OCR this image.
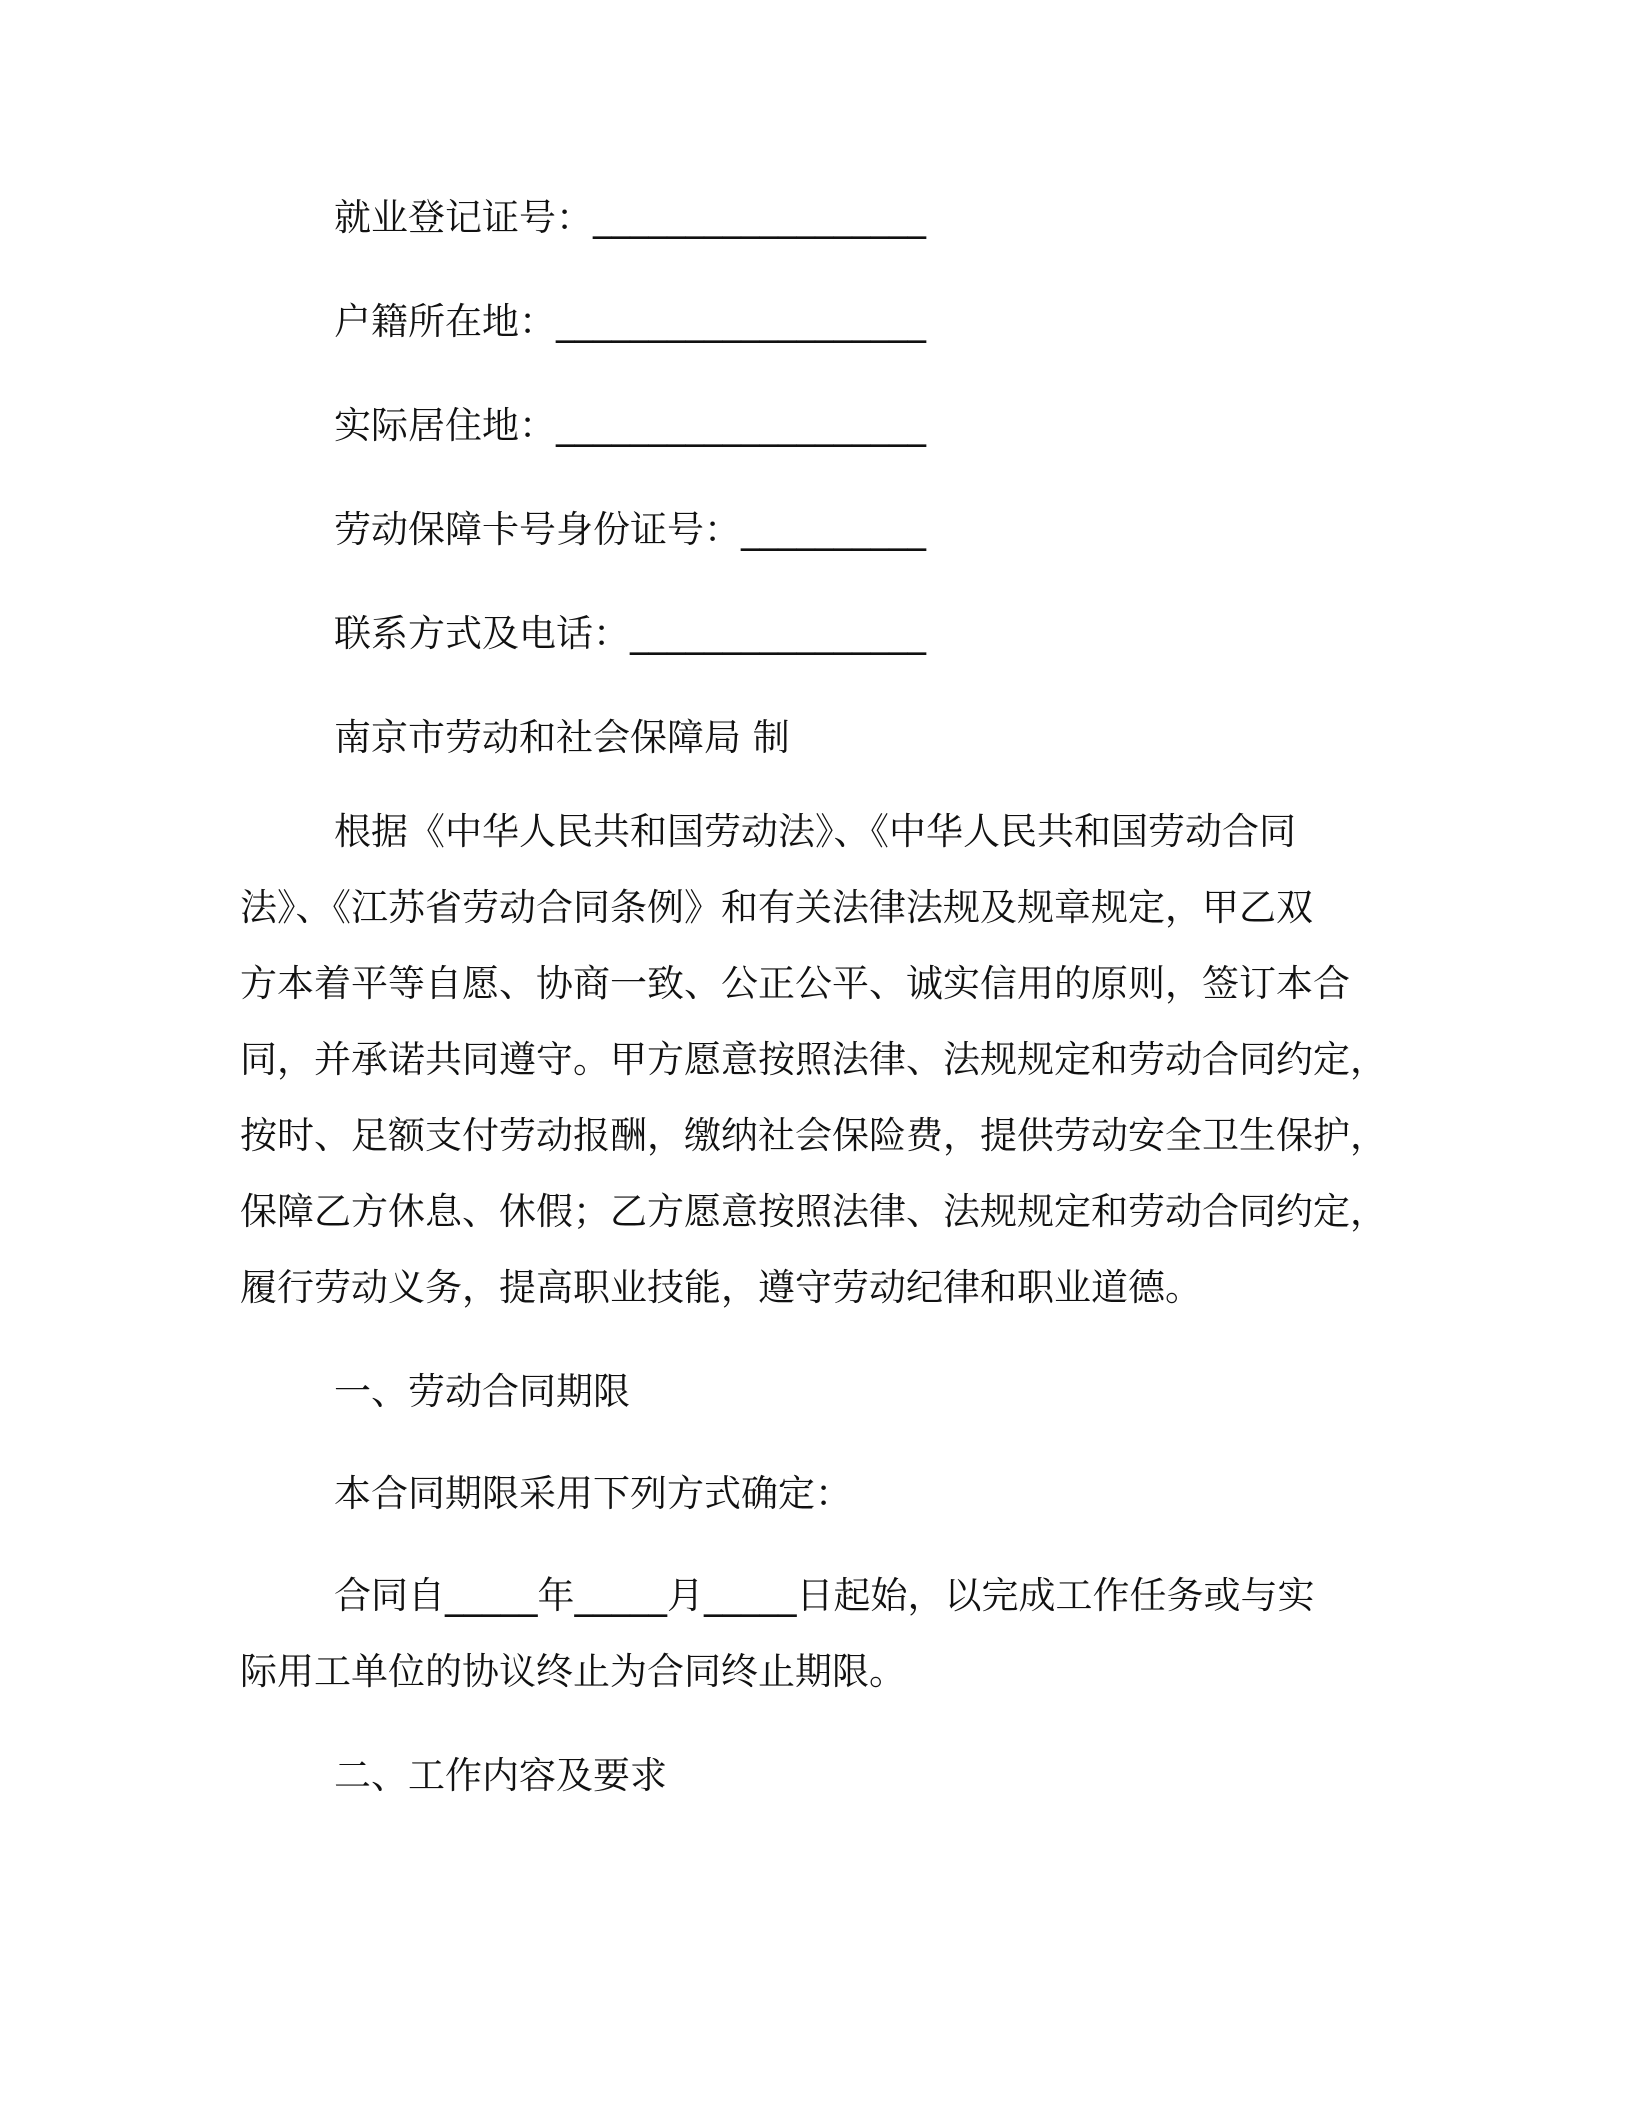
就业登记证号：__________________
户籍所在地：____________________
实际居住地：____________________
劳动保障卡号身份证号：__________
联系方式及电话：________________
南京市劳动和社会保障局 制
根据《中华人民共和国劳动法》、《中华人民共和国劳动合同
法》、《江苏省劳动合同条例》和有关法律法规及规章规定，甲乙双
方本着平等自愿、协商一致、公正公平、诚实信用的原则，签订本合
同，并承诺共同遵守。甲方愿意按照法律、法规规定和劳动合同约定，
按时、足额支付劳动报酬，缴纳社会保险费，提供劳动安全卫生保护，
保障乙方休息、休假；乙方愿意按照法律、法规规定和劳动合同约定，
履行劳动义务，提高职业技能，遵守劳动纪律和职业道德。
一、劳动合同期限
本合同期限采用下列方式确定：
合同自_____年_____月_____日起始，以完成工作任务或与实
际用工单位的协议终止为合同终止期限。
二、工作内容及要求
